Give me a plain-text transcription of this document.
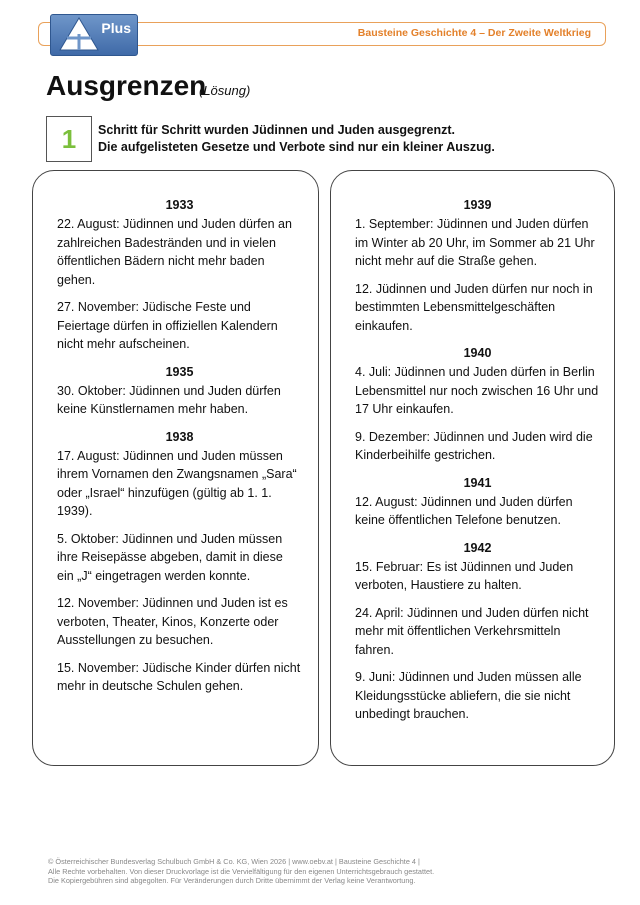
Bausteine Geschichte 4 – Der Zweite Weltkrieg
Plus
Ausgrenzen
(Lösung)
1 Schritt für Schritt wurden Jüdinnen und Juden ausgegrenzt.
Die aufgelisteten Gesetze und Verbote sind nur ein kleiner Auszug.
1933

22. August: Jüdinnen und Juden dürfen an zahlreichen Badestränden und in vielen öffentlichen Bädern nicht mehr baden gehen.

27. November: Jüdische Feste und Feiertage dürfen in offiziellen Kalendern nicht mehr aufscheinen.

1935

30. Oktober: Jüdinnen und Juden dürfen keine Künstlernamen mehr haben.

1938

17. August: Jüdinnen und Juden müssen ihrem Vornamen den Zwangsnamen „Sara“ oder „Israel“ hinzufügen (gültig ab 1. 1. 1939).

5. Oktober: Jüdinnen und Juden müssen ihre Reisepässe abgeben, damit in diese ein „J“ eingetragen werden konnte.

12. November: Jüdinnen und Juden ist es verboten, Theater, Kinos, Konzerte oder Ausstellungen zu besuchen.

15. November: Jüdische Kinder dürfen nicht mehr in deutsche Schulen gehen.

1939

1. September: Jüdinnen und Juden dürfen im Winter ab 20 Uhr, im Sommer ab 21 Uhr nicht mehr auf die Straße gehen.

12. Jüdinnen und Juden dürfen nur noch in bestimmten Lebensmittelgeschäften einkaufen.

1940

4. Juli: Jüdinnen und Juden dürfen in Berlin Lebensmittel nur noch zwischen 16 Uhr und 17 Uhr einkaufen.

9. Dezember: Jüdinnen und Juden wird die Kinderbeihilfe gestrichen.

1941

12. August: Jüdinnen und Juden dürfen keine öffentlichen Telefone benutzen.

1942

15. Februar: Es ist Jüdinnen und Juden verboten, Haustiere zu halten.

24. April: Jüdinnen und Juden dürfen nicht mehr mit öffentlichen Verkehrsmitteln fahren.

9. Juni: Jüdinnen und Juden müssen alle Kleidungsstücke abliefern, die sie nicht unbedingt brauchen.

© Österreichischer Bundesverlag Schulbuch GmbH & Co. KG, Wien 2026 | www.oebv.at | Bausteine Geschichte 4 |
Alle Rechte vorbehalten. Von dieser Druckvorlage ist die Vervielfältigung für den eigenen Unterrichtsgebrauch gestattet.
Die Kopiergebühren sind abgegolten. Für Veränderungen durch Dritte übernimmt der Verlag keine Verantwortung.
